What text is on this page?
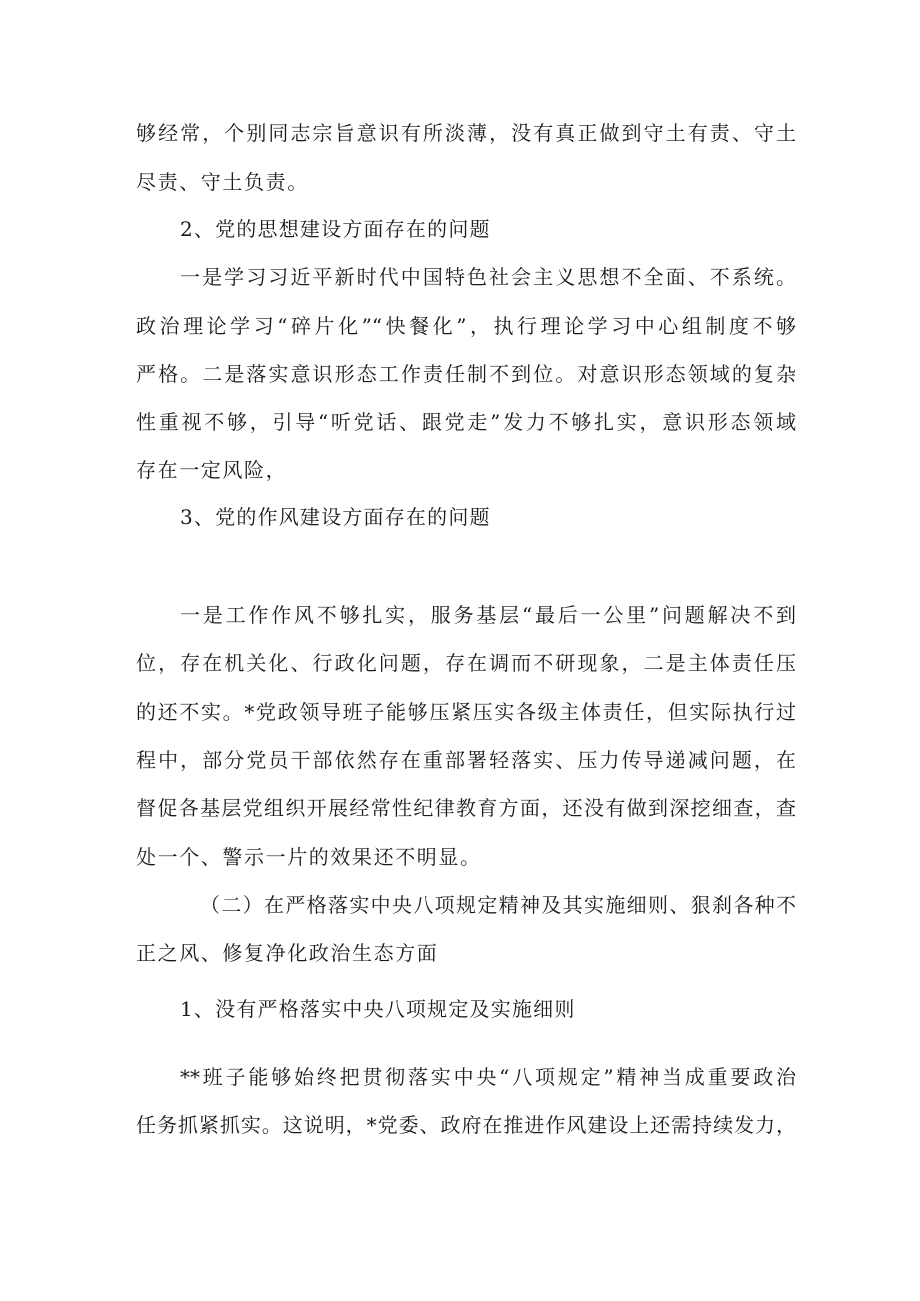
够经常，个别同志宗旨意识有所淡薄，没有真正做到守土有责、守土
尽责、守土负责。
2、党的思想建设方面存在的问题
一是学习习近平新时代中国特色社会主义思想不全面、不系统。
政治理论学习“碎片化”“快餐化”，执行理论学习中心组制度不够
严格。二是落实意识形态工作责任制不到位。对意识形态领域的复杂
性重视不够，引导“听党话、跟党走”发力不够扎实，意识形态领域
存在一定风险，
3、党的作风建设方面存在的问题
一是工作作风不够扎实，服务基层“最后一公里”问题解决不到
位，存在机关化、行政化问题，存在调而不研现象，二是主体责任压
的还不实。*党政领导班子能够压紧压实各级主体责任，但实际执行过
程中，部分党员干部依然存在重部署轻落实、压力传导递减问题，在
督促各基层党组织开展经常性纪律教育方面，还没有做到深挖细查，查
处一个、警示一片的效果还不明显。
（二）在严格落实中央八项规定精神及其实施细则、狠刹各种不
正之风、修复净化政治生态方面
1、没有严格落实中央八项规定及实施细则
**班子能够始终把贯彻落实中央“八项规定”精神当成重要政治
任务抓紧抓实。这说明，*党委、政府在推进作风建设上还需持续发力，
